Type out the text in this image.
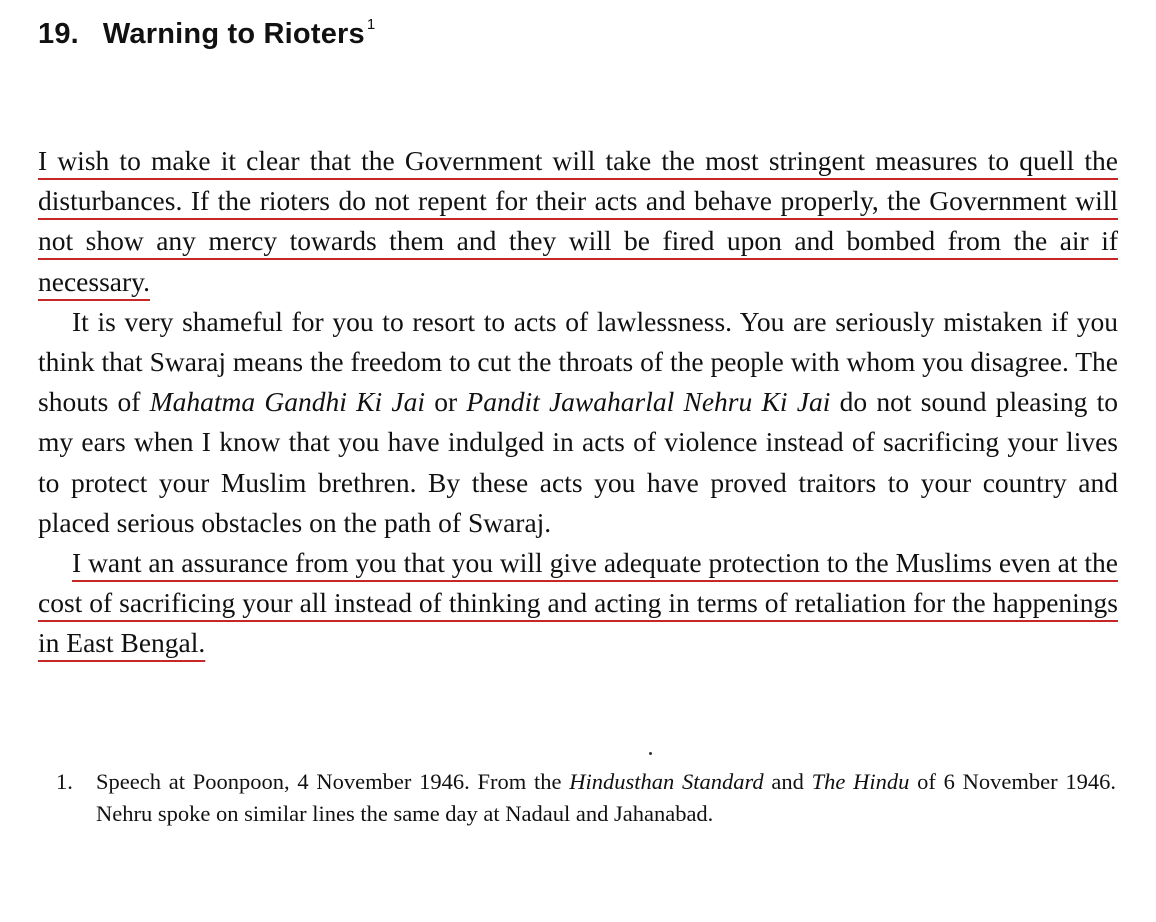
19. Warning to Rioters $^1$

I wish to make it clear that the Government will take the most stringent measures to quell the disturbances. If the rioters do not repent for their acts and behave properly, the Government will not show any mercy towards them and they will be fired upon and bombed from the air if necessary.

It is very shameful for you to resort to acts of lawlessness. You are seriously mistaken if you think that Swaraj means the freedom to cut the throats of the people with whom you disagree. The shouts of Mahatma Gandhi Ki Jai or Pandit Jawaharlal Nehru Ki Jai do not sound pleasing to my ears when I know that you have indulged in acts of violence instead of sacrificing your lives to protect your Muslim brethren. By these acts you have proved traitors to your country and placed serious obstacles on the path of Swaraj.

I want an assurance from you that you will give adequate protection to the Muslims even at the cost of sacrificing your all instead of thinking and acting in terms of retaliation for the happenings in East Bengal.

1. Speech at Poonpoon, 4 November 1946. From the Hindusthan Standard and The Hindu of 6 November 1946. Nehru spoke on similar lines the same day at Nadaul and Jahanabad.
